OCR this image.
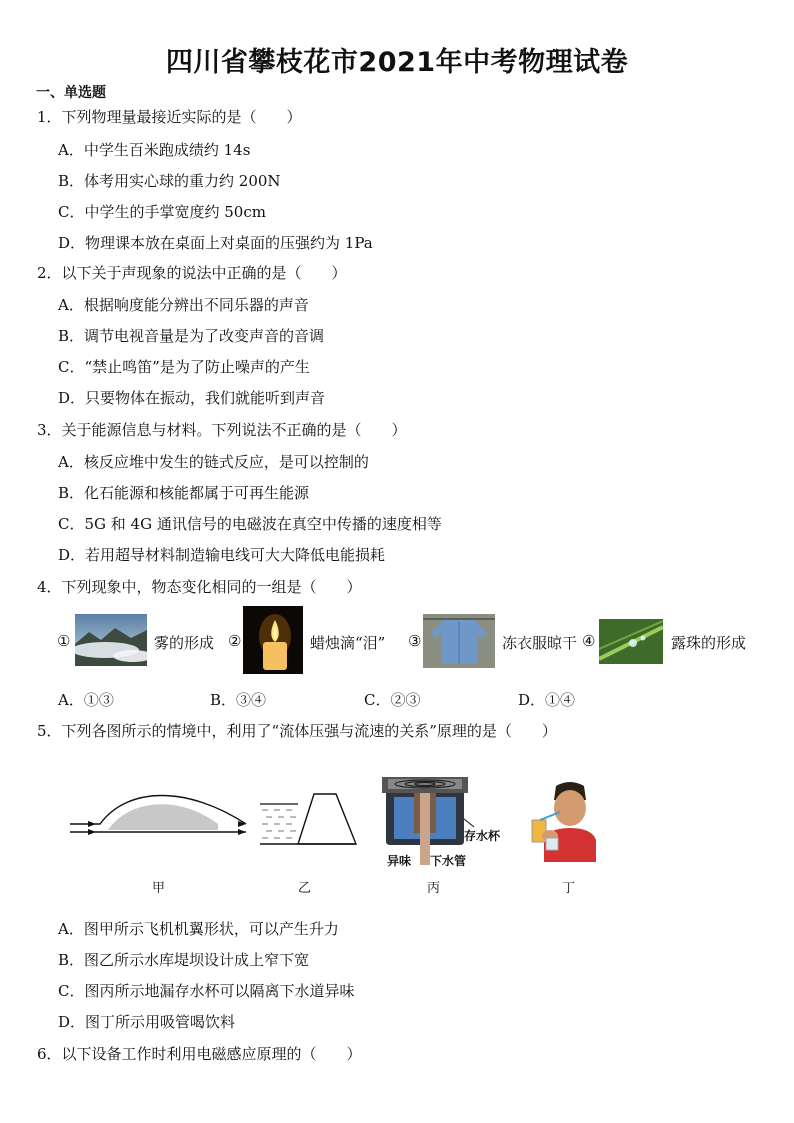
四川省攀枝花市2021年中考物理试卷
一、单选题
1．下列物理量最接近实际的是（　　）
A．中学生百米跑成绩约 14s
B．体考用实心球的重力约 200N
C．中学生的手掌宽度约 50cm
D．物理课本放在桌面上对桌面的压强约为 1Pa
2．以下关于声现象的说法中正确的是（　　）
A．根据响度能分辨出不同乐器的声音
B．调节电视音量是为了改变声音的音调
C．“禁止鸣笛”是为了防止噪声的产生
D．只要物体在振动，我们就能听到声音
3．关于能源信息与材料。下列说法不正确的是（　　）
A．核反应堆中发生的链式反应，是可以控制的
B．化石能源和核能都属于可再生能源
C．5G 和 4G 通讯信号的电磁波在真空中传播的速度相等
D．若用超导材料制造输电线可大大降低电能损耗
4．下列现象中，物态变化相同的一组是（　　）
①	雾的形成 ②	蜡烛滴“泪” ③	冻衣服晾干 ④	露珠的形成
A．①③	B．③④	C．②③	D．①④
5．下列各图所示的情境中，利用了“流体压强与流速的关系”原理的是（　　）
存水杯
异味 下水管
甲	乙	丙	丁
A．图甲所示飞机机翼形状，可以产生升力
B．图乙所示水库堤坝设计成上窄下宽
C．图丙所示地漏存水杯可以隔离下水道异味
D．图丁所示用吸管喝饮料
6．以下设备工作时利用电磁感应原理的（　　）
